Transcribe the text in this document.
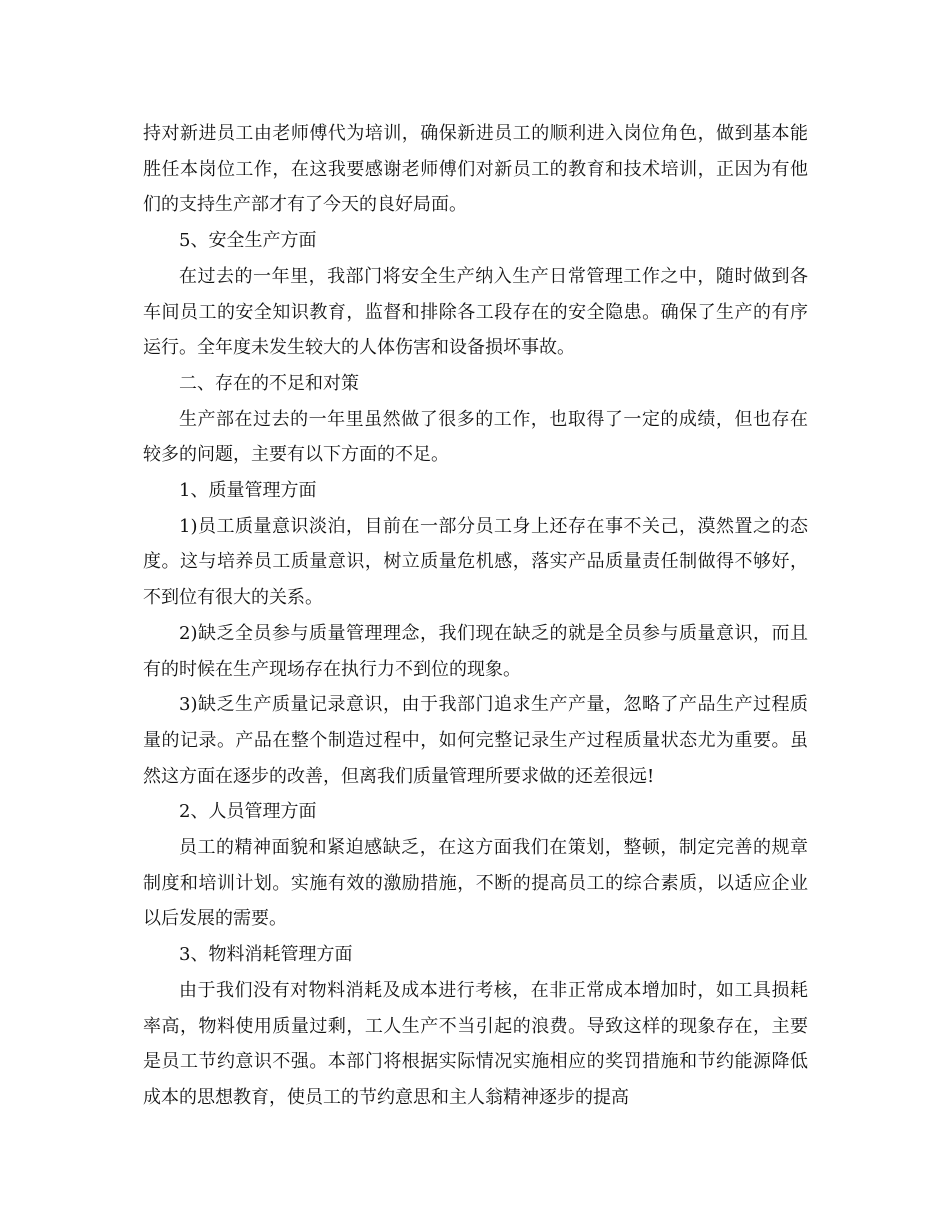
持对新进员工由老师傅代为培训，确保新进员工的顺利进入岗位角色，做到基本能胜任本岗位工作，在这我要感谢老师傅们对新员工的教育和技术培训，正因为有他们的支持生产部才有了今天的良好局面。

5、安全生产方面

在过去的一年里，我部门将安全生产纳入生产日常管理工作之中，随时做到各车间员工的安全知识教育，监督和排除各工段存在的安全隐患。确保了生产的有序运行。全年度未发生较大的人体伤害和设备损坏事故。

二、存在的不足和对策

生产部在过去的一年里虽然做了很多的工作，也取得了一定的成绩，但也存在较多的问题，主要有以下方面的不足。

1、质量管理方面

1)员工质量意识淡泊，目前在一部分员工身上还存在事不关己，漠然置之的态度。这与培养员工质量意识，树立质量危机感，落实产品质量责任制做得不够好，不到位有很大的关系。

2)缺乏全员参与质量管理理念，我们现在缺乏的就是全员参与质量意识，而且有的时候在生产现场存在执行力不到位的现象。

3)缺乏生产质量记录意识，由于我部门追求生产产量，忽略了产品生产过程质量的记录。产品在整个制造过程中，如何完整记录生产过程质量状态尤为重要。虽然这方面在逐步的改善，但离我们质量管理所要求做的还差很远!

2、人员管理方面

员工的精神面貌和紧迫感缺乏，在这方面我们在策划，整顿，制定完善的规章制度和培训计划。实施有效的激励措施，不断的提高员工的综合素质，以适应企业以后发展的需要。

3、物料消耗管理方面

由于我们没有对物料消耗及成本进行考核，在非正常成本增加时，如工具损耗率高，物料使用质量过剩，工人生产不当引起的浪费。导致这样的现象存在，主要是员工节约意识不强。本部门将根据实际情况实施相应的奖罚措施和节约能源降低成本的思想教育，使员工的节约意思和主人翁精神逐步的提高
